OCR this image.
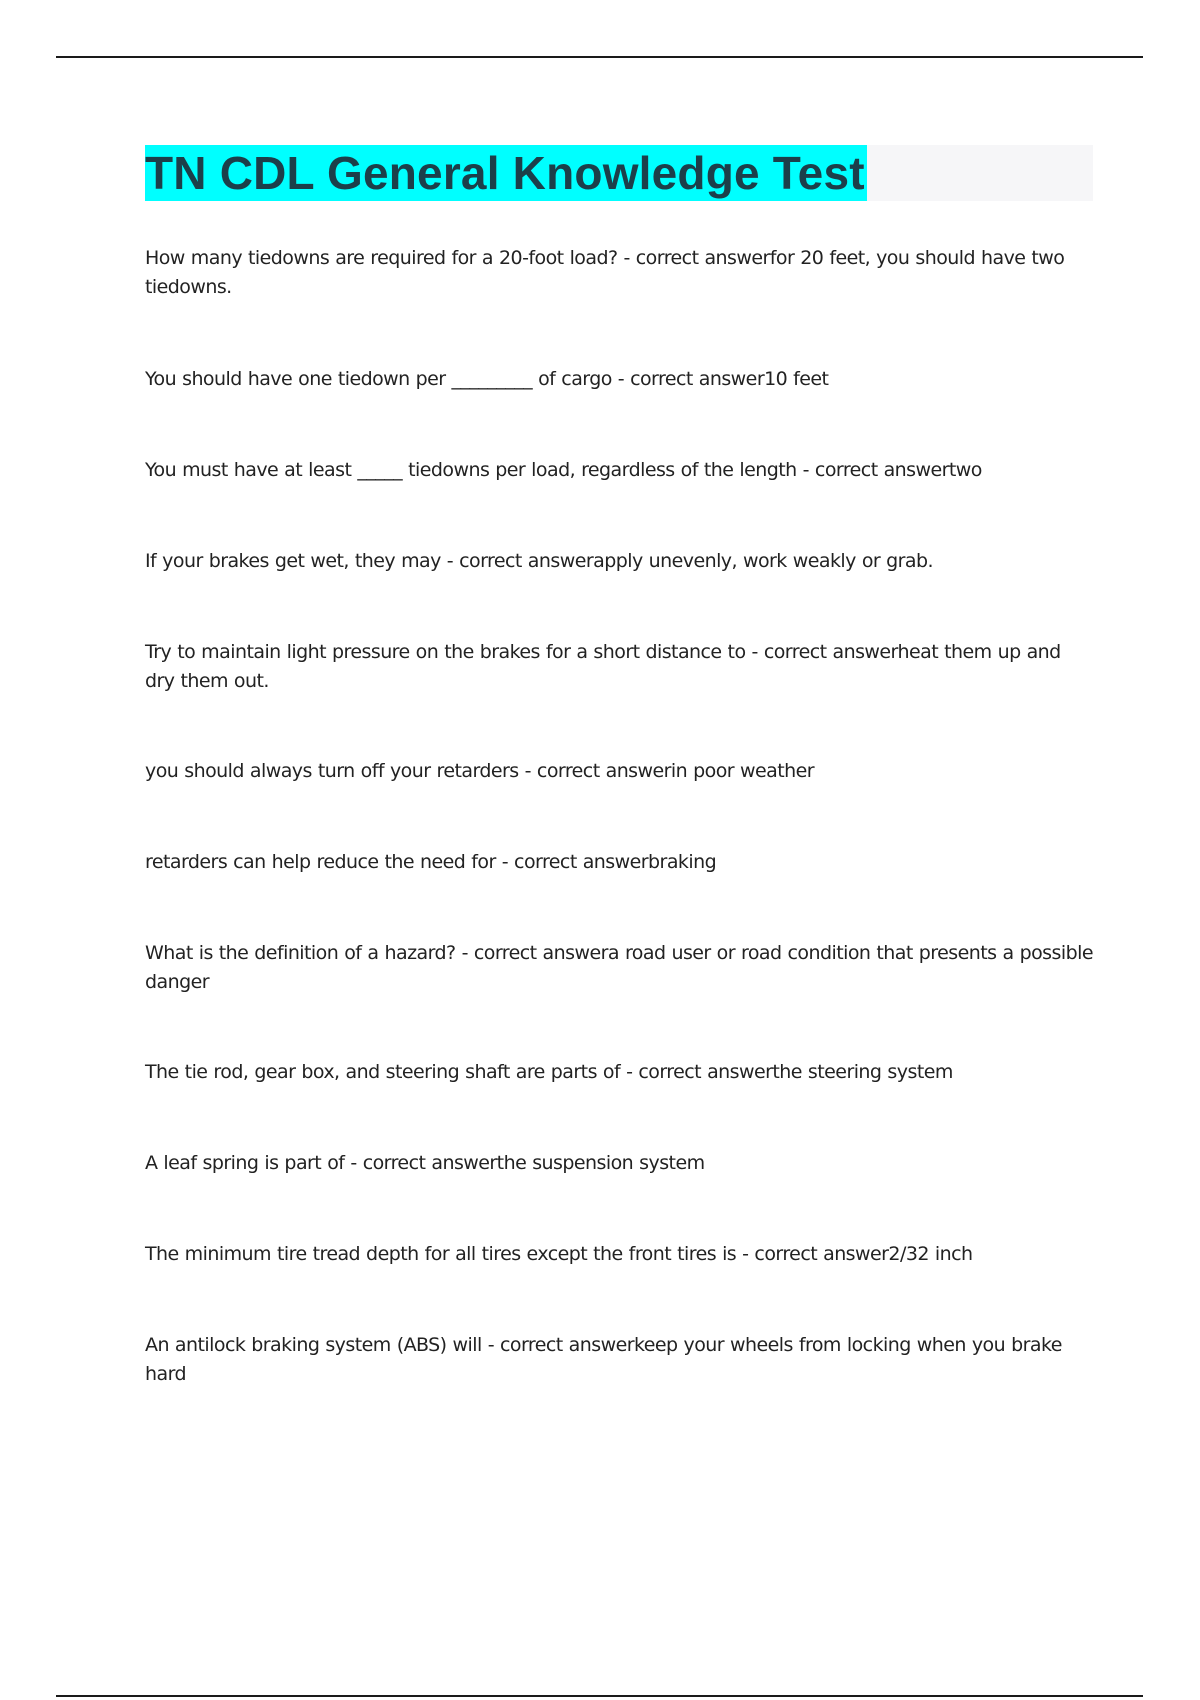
TN CDL General Knowledge Test
How many tiedowns are required for a 20-foot load? - correct answerfor 20 feet, you should have two tiedowns.
You should have one tiedown per _________ of cargo - correct answer10 feet
You must have at least _____ tiedowns per load, regardless of the length - correct answertwo
If your brakes get wet, they may - correct answerapply unevenly, work weakly or grab.
Try to maintain light pressure on the brakes for a short distance to - correct answerheat them up and dry them out.
you should always turn off your retarders - correct answerin poor weather
retarders can help reduce the need for - correct answerbraking
What is the definition of a hazard? - correct answera road user or road condition that presents a possible danger
The tie rod, gear box, and steering shaft are parts of - correct answerthe steering system
A leaf spring is part of - correct answerthe suspension system
The minimum tire tread depth for all tires except the front tires is - correct answer2/32 inch
An antilock braking system (ABS) will - correct answerkeep your wheels from locking when you brake hard
